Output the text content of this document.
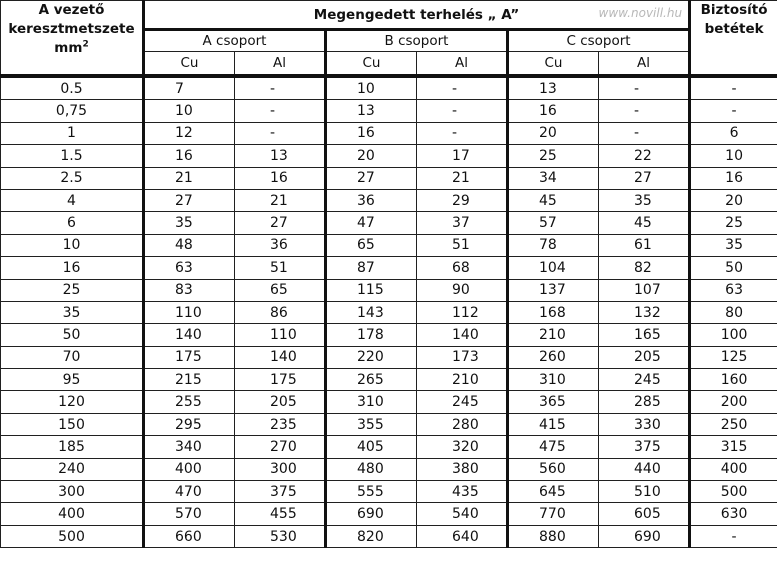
A vezető
keresztmetszete
$mm^2$	Megengedett terhelés „ A” www.novill.hu						Biztosító
betétek
	A csoport		B csoport		C csoport		
	Cu	Al	Cu	Al	Cu	Al	
0.5	7	-	10	-	13	-	-
0,75	10	-	13	-	16	-	-
1	12	-	16	-	20	-	6
1.5	16	13	20	17	25	22	10
2.5	21	16	27	21	34	27	16
4	27	21	36	29	45	35	20
6	35	27	47	37	57	45	25
10	48	36	65	51	78	61	35
16	63	51	87	68	104	82	50
25	83	65	115	90	137	107	63
35	110	86	143	112	168	132	80
50	140	110	178	140	210	165	100
70	175	140	220	173	260	205	125
95	215	175	265	210	310	245	160
120	255	205	310	245	365	285	200
150	295	235	355	280	415	330	250
185	340	270	405	320	475	375	315
240	400	300	480	380	560	440	400
300	470	375	555	435	645	510	500
400	570	455	690	540	770	605	630
500	660	530	820	640	880	690	-
